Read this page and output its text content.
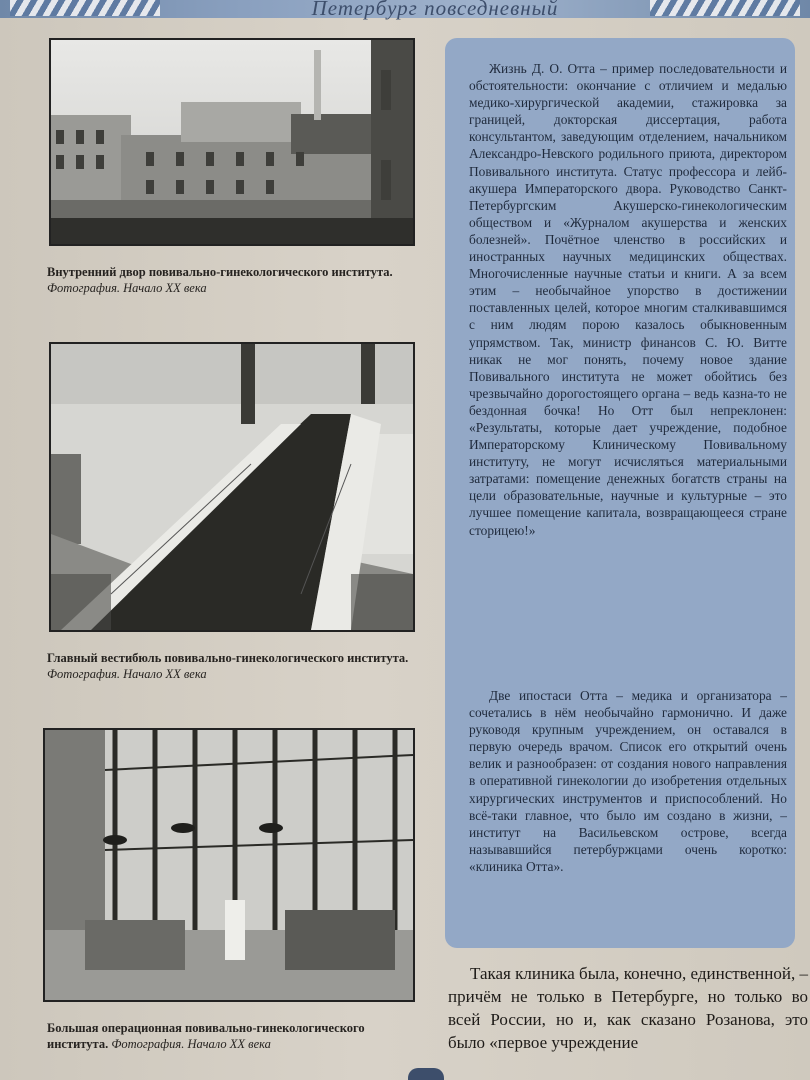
Петербург повседневный
Внутренний двор повивально-гинекологического института. Фотография. Начало XX века
Главный вестибюль повивально-гинекологического института. Фотография. Начало XX века
Большая операционная повивально-гинекологического института. Фотография. Начало XX века

Жизнь Д. О. Отта – пример последовательности и обстоятельности: окончание с отличием и медалью медико-хирургической академии, стажировка за границей, докторская диссертация, работа консультантом, заведующим отделением, начальником Александро-Невского родильного приюта, директором Повивального института. Статус профессора и лейб-акушера Императорского двора. Руководство Санкт-Петербургским Акушерско-гинекологическим обществом и «Журналом акушерства и женских болезней». Почётное членство в российских и иностранных научных медицинских обществах. Многочисленные научные статьи и книги. А за всем этим – необычайное упорство в достижении поставленных целей, которое многим сталкивавшимся с ним людям порою казалось обыкновенным упрямством. Так, министр финансов С. Ю. Витте никак не мог понять, почему новое здание Повивального института не может обойтись без чрезвычайно дорогостоящего органа – ведь казна-то не бездонная бочка! Но Отт был непреклонен: «Результаты, которые дает учреждение, подобное Императорскому Клиническому Повивальному институту, не могут исчисляться материальными затратами: помещение денежных богатств страны на цели образовательные, научные и культурные – это лучшее помещение капитала, возвращающееся стране сторицею!»

Две ипостаси Отта – медика и организатора – сочетались в нём необычайно гармонично. И даже руководя крупным учреждением, он оставался в первую очередь врачом. Список его открытий очень велик и разнообразен: от создания нового направления в оперативной гинекологии до изобретения отдельных хирургических инструментов и приспособлений. Но всё-таки главное, что было им создано в жизни, – институт на Васильевском острове, всегда называвшийся петербуржцами очень коротко: «клиника Отта».

Такая клиника была, конечно, единственной, – причём не только в Петербурге, но только во всей России, но и, как сказано Розанова, это было «первое учреждение
